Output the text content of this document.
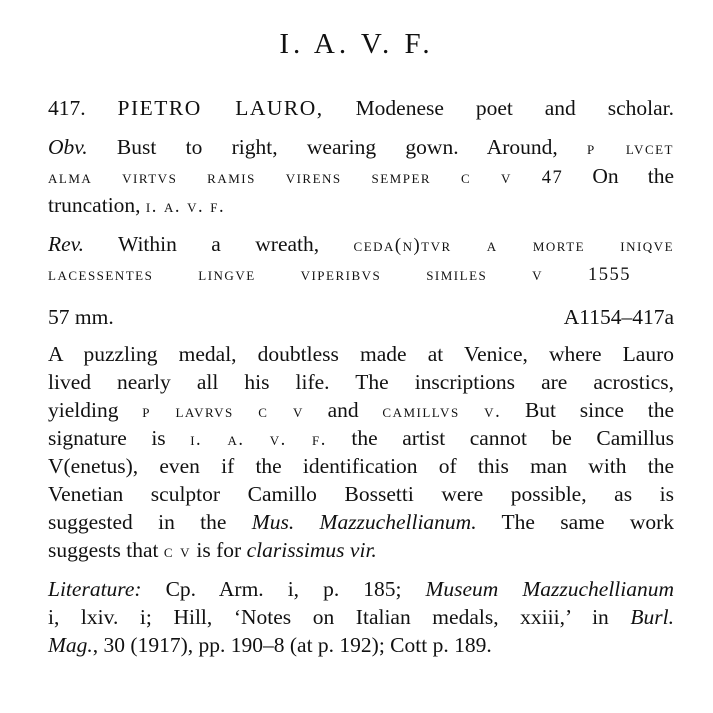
I. A. V. F.
417. PIETRO LAURO, Modenese poet and scholar.
Obv. Bust to right, wearing gown. Around, p lvcet
alma virtvs ramis virens semper c v 47 On the
truncation, i. a. v. f.
Rev. Within a wreath, ceda(n)tvr a morte iniqve
lacessentes lingve viperibvs similes v 1555
57 mm.	A1154–417a
A puzzling medal, doubtless made at Venice, where Lauro
lived nearly all his life. The inscriptions are acrostics,
yielding p lavrvs c v and camillvs v. But since the
signature is i. a. v. f. the artist cannot be Camillus
V(enetus), even if the identification of this man with the
Venetian sculptor Camillo Bossetti were possible, as is
suggested in the Mus. Mazzuchellianum. The same work
suggests that c v is for clarissimus vir.
Literature: Cp. Arm. i, p. 185; Museum Mazzuchellianum
i, lxiv. i; Hill, ‘Notes on Italian medals, xxiii,’ in Burl.
Mag., 30 (1917), pp. 190–8 (at p. 192); Cott p. 189.
